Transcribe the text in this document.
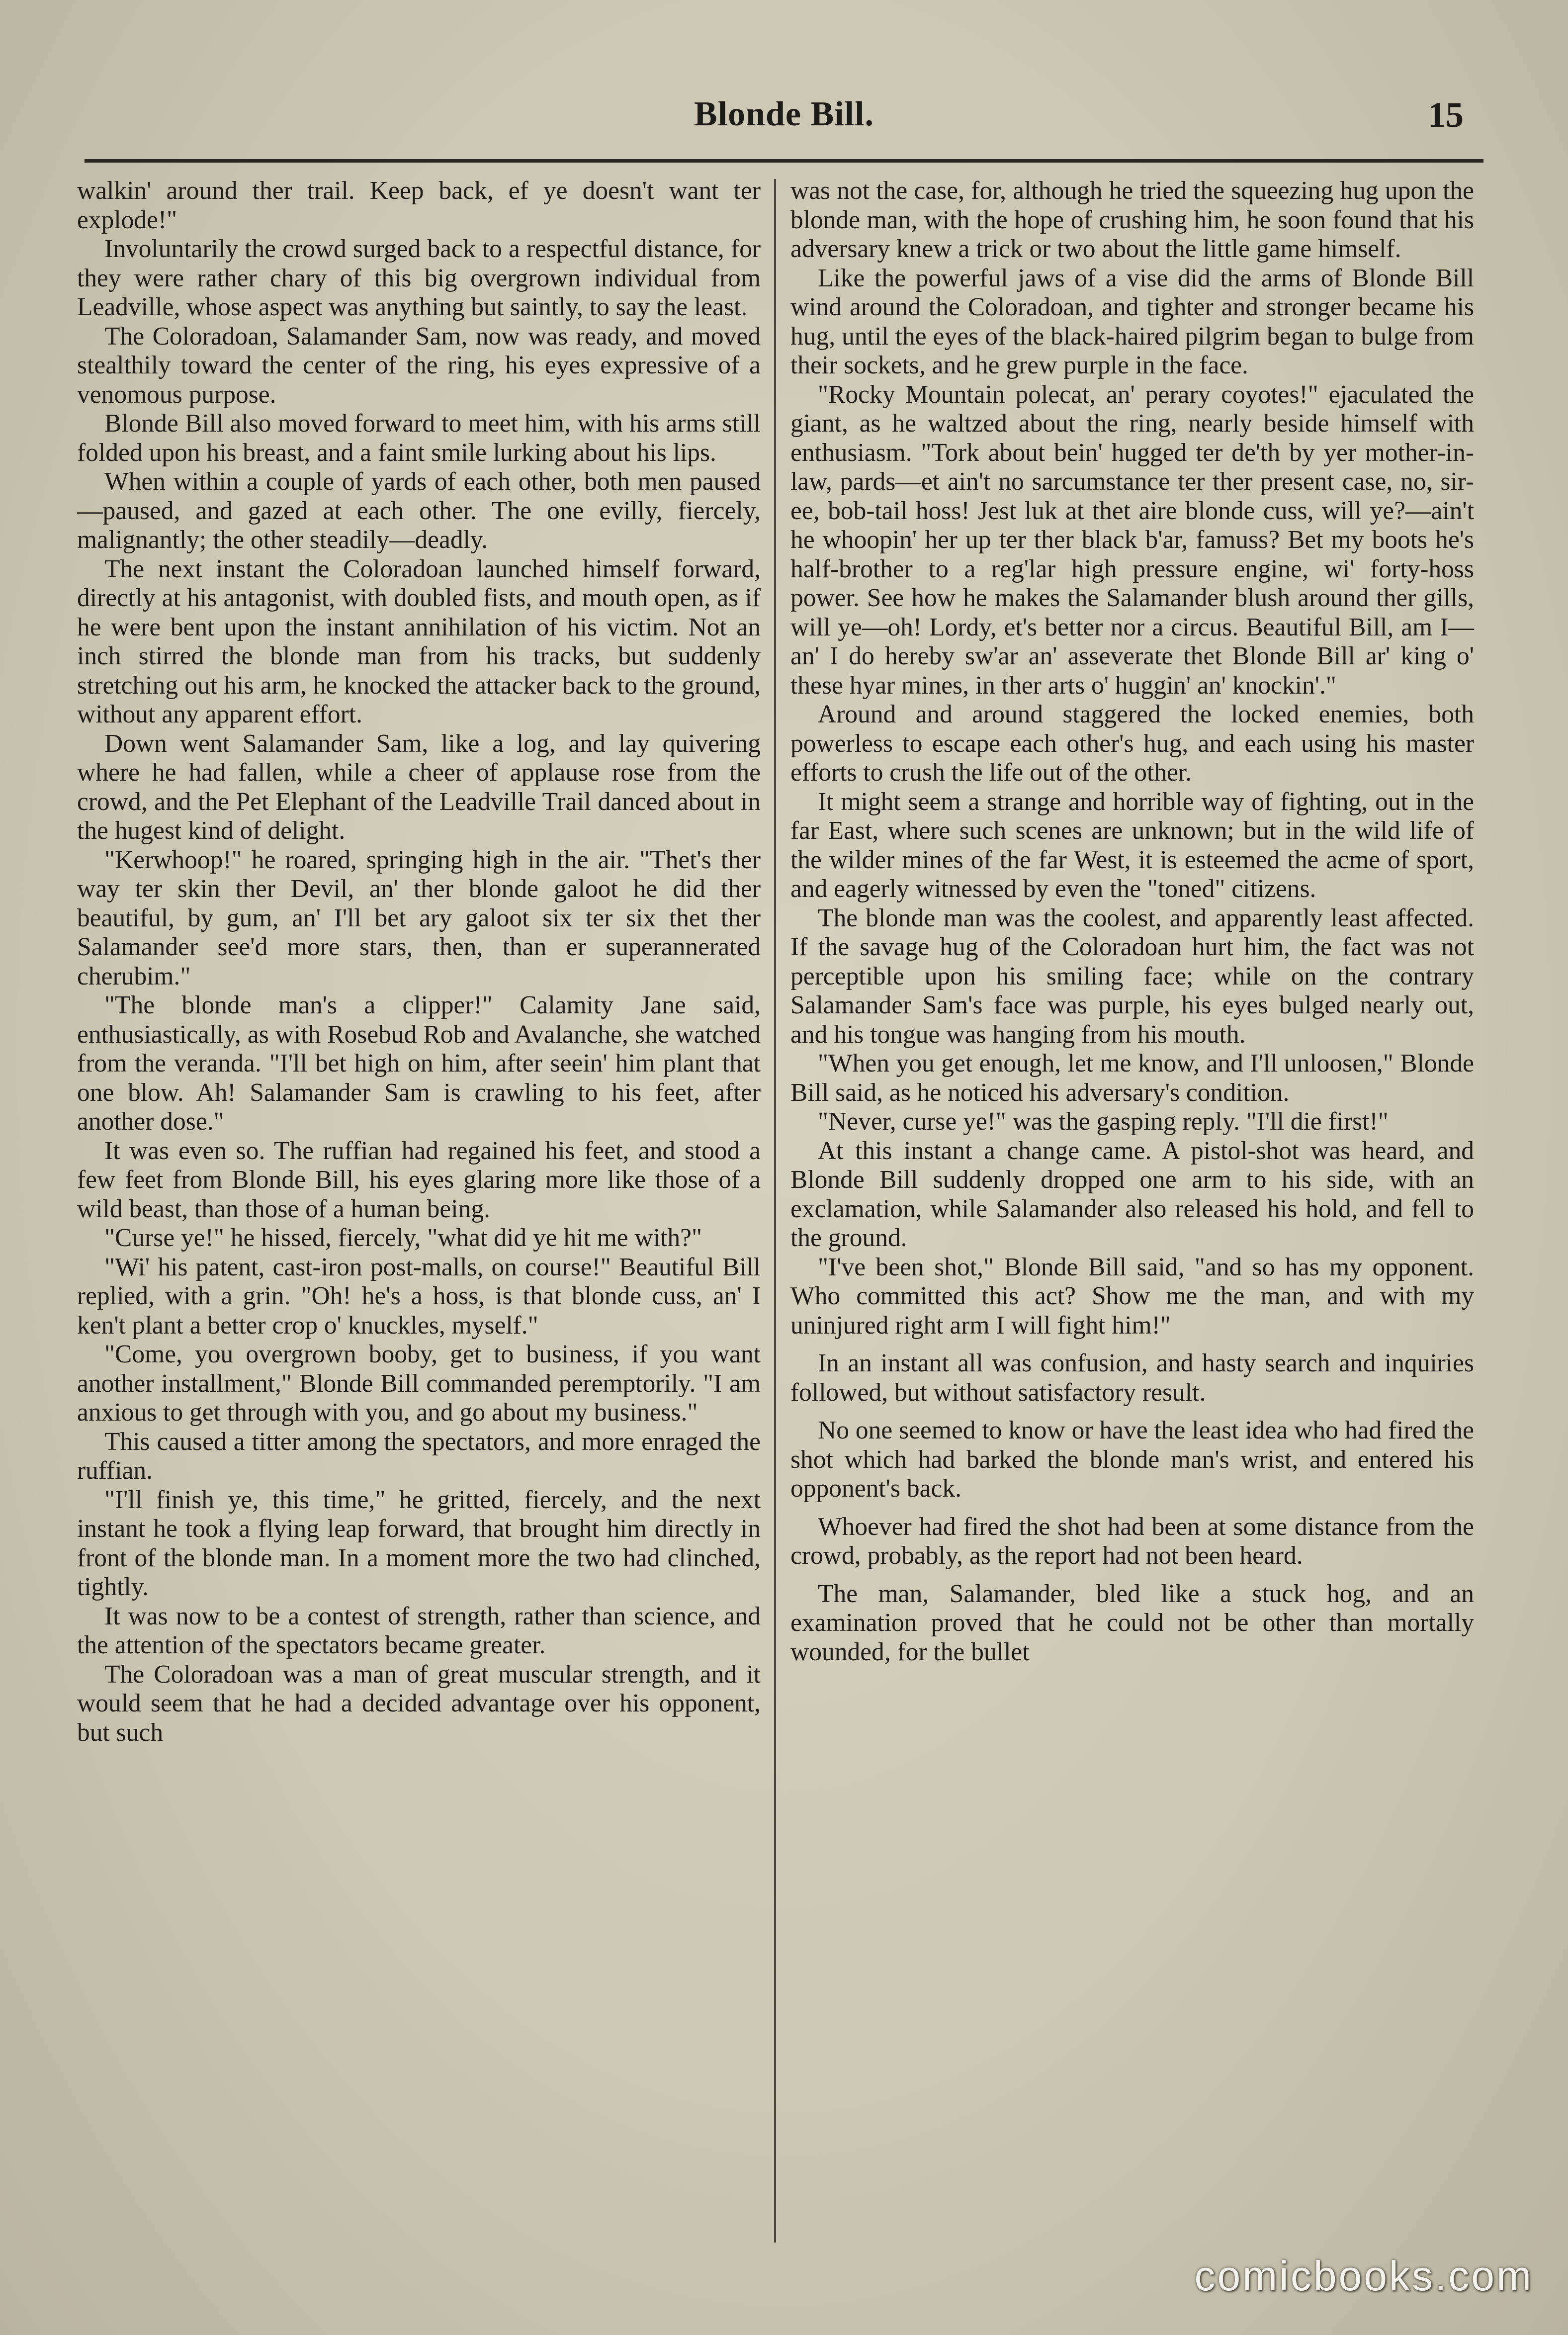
Blonde Bill.	15

walkin' around ther trail. Keep back, ef ye doesn't want ter explode!"

Involuntarily the crowd surged back to a respectful distance, for they were rather chary of this big overgrown individual from Leadville, whose aspect was anything but saintly, to say the least.

The Coloradoan, Salamander Sam, now was ready, and moved stealthily toward the center of the ring, his eyes expressive of a venomous purpose.

Blonde Bill also moved forward to meet him, with his arms still folded upon his breast, and a faint smile lurking about his lips.

When within a couple of yards of each other, both men paused—paused, and gazed at each other. The one evilly, fiercely, malignantly; the other steadily—deadly.

The next instant the Coloradoan launched himself forward, directly at his antagonist, with doubled fists, and mouth open, as if he were bent upon the instant annihilation of his victim. Not an inch stirred the blonde man from his tracks, but suddenly stretching out his arm, he knocked the attacker back to the ground, without any apparent effort.

Down went Salamander Sam, like a log, and lay quivering where he had fallen, while a cheer of applause rose from the crowd, and the Pet Elephant of the Leadville Trail danced about in the hugest kind of delight.

"Kerwhoop!" he roared, springing high in the air. "Thet's ther way ter skin ther Devil, an' ther blonde galoot he did ther beautiful, by gum, an' I'll bet ary galoot six ter six thet ther Salamander see'd more stars, then, than er superannerated cherubim."

"The blonde man's a clipper!" Calamity Jane said, enthusiastically, as with Rosebud Rob and Avalanche, she watched from the veranda. "I'll bet high on him, after seein' him plant that one blow. Ah! Salamander Sam is crawling to his feet, after another dose."

It was even so. The ruffian had regained his feet, and stood a few feet from Blonde Bill, his eyes glaring more like those of a wild beast, than those of a human being.

"Curse ye!" he hissed, fiercely, "what did ye hit me with?"

"Wi' his patent, cast-iron post-malls, on course!" Beautiful Bill replied, with a grin. "Oh! he's a hoss, is that blonde cuss, an' I ken't plant a better crop o' knuckles, myself."

"Come, you overgrown booby, get to business, if you want another installment," Blonde Bill commanded peremptorily. "I am anxious to get through with you, and go about my business."

This caused a titter among the spectators, and more enraged the ruffian.

"I'll finish ye, this time," he gritted, fiercely, and the next instant he took a flying leap forward, that brought him directly in front of the blonde man. In a moment more the two had clinched, tightly.

It was now to be a contest of strength, rather than science, and the attention of the spectators became greater.

The Coloradoan was a man of great muscular strength, and it would seem that he had a decided advantage over his opponent, but such

was not the case, for, although he tried the squeezing hug upon the blonde man, with the hope of crushing him, he soon found that his adversary knew a trick or two about the little game himself.

Like the powerful jaws of a vise did the arms of Blonde Bill wind around the Coloradoan, and tighter and stronger became his hug, until the eyes of the black-haired pilgrim began to bulge from their sockets, and he grew purple in the face.

"Rocky Mountain polecat, an' perary coyotes!" ejaculated the giant, as he waltzed about the ring, nearly beside himself with enthusiasm. "Tork about bein' hugged ter de'th by yer mother-in-law, pards—et ain't no sarcumstance ter ther present case, no, sir-ee, bob-tail hoss! Jest luk at thet aire blonde cuss, will ye?—ain't he whoopin' her up ter ther black b'ar, famuss? Bet my boots he's half-brother to a reg'lar high pressure engine, wi' forty-hoss power. See how he makes the Salamander blush around ther gills, will ye—oh! Lordy, et's better nor a circus. Beautiful Bill, am I—an' I do hereby sw'ar an' asseverate thet Blonde Bill ar' king o' these hyar mines, in ther arts o' huggin' an' knockin'."

Around and around staggered the locked enemies, both powerless to escape each other's hug, and each using his master efforts to crush the life out of the other.

It might seem a strange and horrible way of fighting, out in the far East, where such scenes are unknown; but in the wild life of the wilder mines of the far West, it is esteemed the acme of sport, and eagerly witnessed by even the "toned" citizens.

The blonde man was the coolest, and apparently least affected. If the savage hug of the Coloradoan hurt him, the fact was not perceptible upon his smiling face; while on the contrary Salamander Sam's face was purple, his eyes bulged nearly out, and his tongue was hanging from his mouth.

"When you get enough, let me know, and I'll unloosen," Blonde Bill said, as he noticed his adversary's condition.

"Never, curse ye!" was the gasping reply. "I'll die first!"

At this instant a change came. A pistol-shot was heard, and Blonde Bill suddenly dropped one arm to his side, with an exclamation, while Salamander also released his hold, and fell to the ground.

"I've been shot," Blonde Bill said, "and so has my opponent. Who committed this act? Show me the man, and with my uninjured right arm I will fight him!"

In an instant all was confusion, and hasty search and inquiries followed, but without satisfactory result.

No one seemed to know or have the least idea who had fired the shot which had barked the blonde man's wrist, and entered his opponent's back.

Whoever had fired the shot had been at some distance from the crowd, probably, as the report had not been heard.

The man, Salamander, bled like a stuck hog, and an examination proved that he could not be other than mortally wounded, for the bullet

comicbooks.com
